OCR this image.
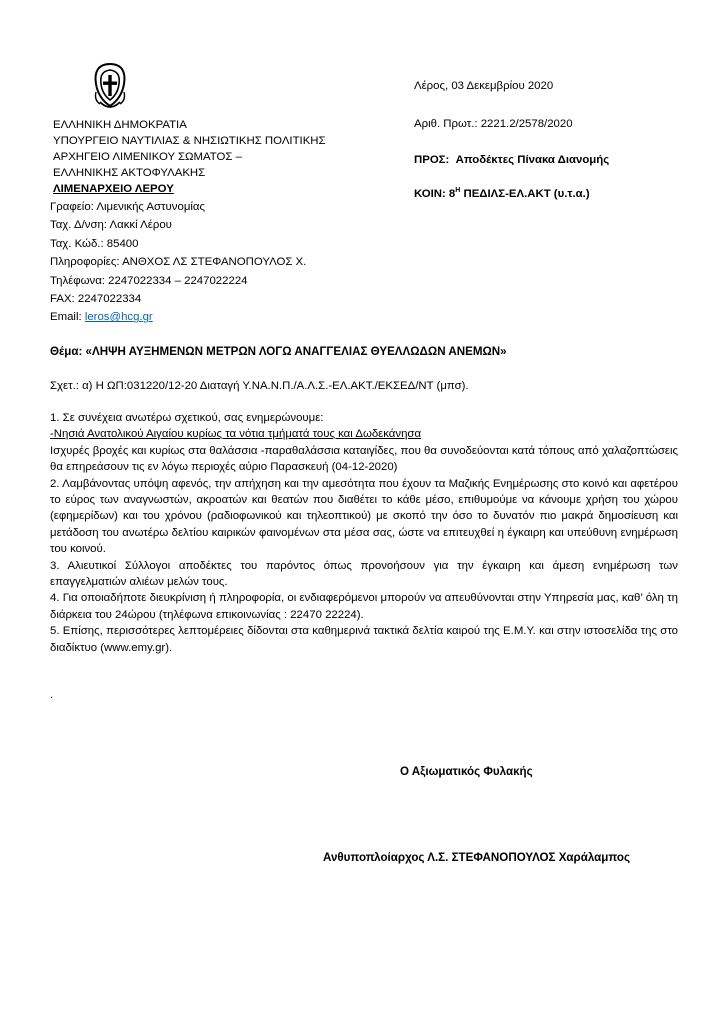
ΕΛΛΗΝΙΚΗ ΔΗΜΟΚΡΑΤΙΑ
ΥΠΟΥΡΓΕΙΟ ΝΑΥΤΙΛΙΑΣ & ΝΗΣΙΩΤΙΚΗΣ ΠΟΛΙΤΙΚΗΣ
ΑΡΧΗΓΕΙΟ ΛΙΜΕΝΙΚΟΥ ΣΩΜΑΤΟΣ –
ΕΛΛΗΝΙΚΗΣ ΑΚΤΟΦΥΛΑΚΗΣ
ΛΙΜΕΝΑΡΧΕΙΟ ΛΕΡΟΥ
Γραφείο: Λιμενικής Αστυνομίας
Ταχ. Δ/νση: Λακκί Λέρου
Ταχ. Κώδ.: 85400
Πληροφορίες: ΑΝΘΧΟΣ ΛΣ ΣΤΕΦΑΝΟΠΟΥΛΟΣ Χ.
Τηλέφωνα: 2247022334 – 2247022224
FAX: 2247022334
Email: leros@hcg.gr
Λέρος, 03 Δεκεμβρίου 2020
Αριθ. Πρωτ.: 2221.2/2578/2020
ΠΡΟΣ: Αποδέκτες Πίνακα Διανομής
ΚΟΙΝ: $8^H$ ΠΕΔΙΛΣ-ΕΛ.ΑΚΤ (υ.τ.α.)
Θέμα: «ΛΗΨΗ ΑΥΞΗΜΕΝΩΝ ΜΕΤΡΩΝ ΛΟΓΩ ΑΝΑΓΓΕΛΙΑΣ ΘΥΕΛΛΩΔΩΝ ΑΝΕΜΩΝ»
Σχετ.: α) Η ΩΠ:031220/12-20 Διαταγή Υ.ΝΑ.Ν.Π./Α.Λ.Σ.-ΕΛ.ΑΚΤ./ΕΚΣΕΔ/ΝΤ (μπσ).

1. Σε συνέχεια ανωτέρω σχετικού, σας ενημερώνουμε:

-Νησιά Ανατολικού Αιγαίου κυρίως τα νότια τμήματά τους και Δωδεκάνησα

Ισχυρές βροχές και κυρίως στα θαλάσσια -παραθαλάσσια καταιγίδες, που θα συνοδεύονται κατά τόπους από χαλαζοπτώσεις θα επηρεάσουν τις εν λόγω περιοχές αύριο Παρασκευή (04-12-2020)

2. Λαμβάνοντας υπόψη αφενός, την απήχηση και την αμεσότητα που έχουν τα Μαζικής Ενημέρωσης στο κοινό και αφετέρου το εύρος των αναγνωστών, ακροατών και θεατών που διαθέτει το κάθε μέσο, επιθυμούμε να κάνουμε χρήση του χώρου (εφημερίδων) και του χρόνου (ραδιοφωνικού και τηλεοπτικού) με σκοπό την όσο το δυνατόν πιο μακρά δημοσίευση και μετάδοση του ανωτέρω δελτίου καιρικών φαινομένων στα μέσα σας, ώστε να επιτευχθεί η έγκαιρη και υπεύθυνη ενημέρωση του κοινού.

3. Αλιευτικοί Σύλλογοι αποδέκτες του παρόντος όπως προνοήσουν για την έγκαιρη και άμεση ενημέρωση των επαγγελματιών αλιέων μελών τους.

4. Για οποιαδήποτε διευκρίνιση ή πληροφορία, οι ενδιαφερόμενοι μπορούν να απευθύνονται στην Υπηρεσία μας, καθ’ όλη τη διάρκεια του 24ώρου (τηλέφωνα επικοινωνίας : 22470 22224).

5. Επίσης, περισσότερες λεπτομέρειες δίδονται στα καθημερινά τακτικά δελτία καιρού της Ε.Μ.Υ. και στην ιστοσελίδα της στο διαδίκτυο (www.emy.gr).

.
Ο Αξιωματικός Φυλακής
Ανθυποπλοίαρχος Λ.Σ. ΣΤΕΦΑΝΟΠΟΥΛΟΣ Χαράλαμπος
